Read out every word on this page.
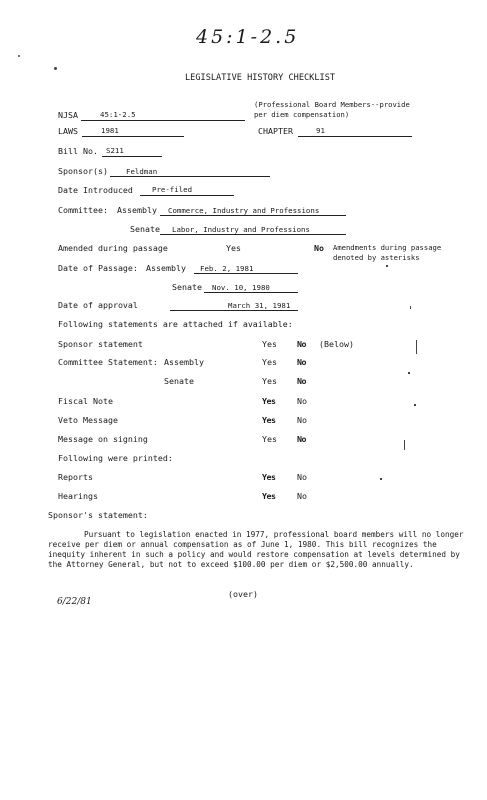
45:1-2.5
LEGISLATIVE HISTORY CHECKLIST
NJSA	45:1-2.5
(Professional Board Members--provide
per diem compensation)
LAWS	1981	CHAPTER	91
Bill No. S211
Sponsor(s) Feldman
Date Introduced	Pre-filed
Committee: Assembly Commerce, Industry and Professions
Senate Labor, Industry and Professions
Amended during passage	Yes	No Amendments during passage
denoted by asterisks
Date of Passage: Assembly Feb. 2, 1981
Senate Nov. 10, 1980
Date of approval	March 31, 1981
Following statements are attached if available:
Sponsor statement	Yes No (Below)
Committee Statement: Assembly	Yes No
Senate	Yes No
Fiscal Note	Yes	No
Veto Message	Yes	No
Message on signing	Yes No
Following were printed:
Reports	Yes	No
Hearings	Yes	No
Sponsor's statement:
Pursuant to legislation enacted in 1977, professional board members will no longer receive per diem or annual compensation as of June 1, 1980. This bill recognizes the inequity inherent in such a policy and would restore compensation at levels determined by the Attorney General, but not to exceed $100.00 per diem or $2,500.00 annually.
(over)
6/22/81
